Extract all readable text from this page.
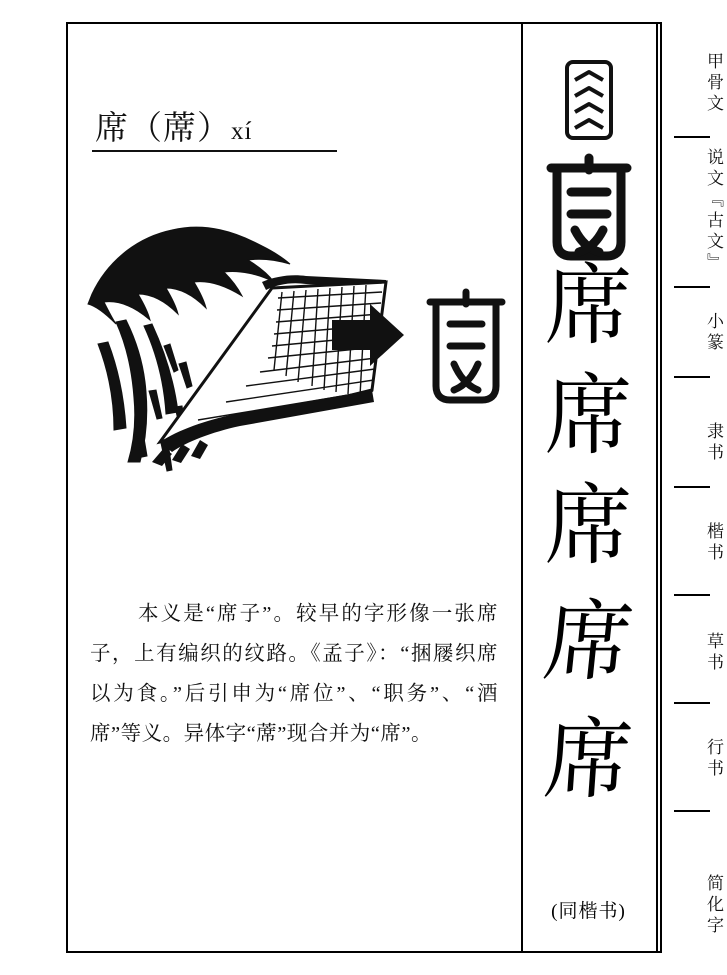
席（蓆）xí
本义是“席子”。较早的字形像一张席子，上有编织的纹路。《孟子》：“捆屦织席以为食。”后引申为“席位”、“职务”、“酒席”等义。异体字“蓆”现合并为“席”。
席
席
席
席
席
(同楷书)
甲骨文
说文『古文』
小篆
隶书
楷书
草书
行书
简化字
